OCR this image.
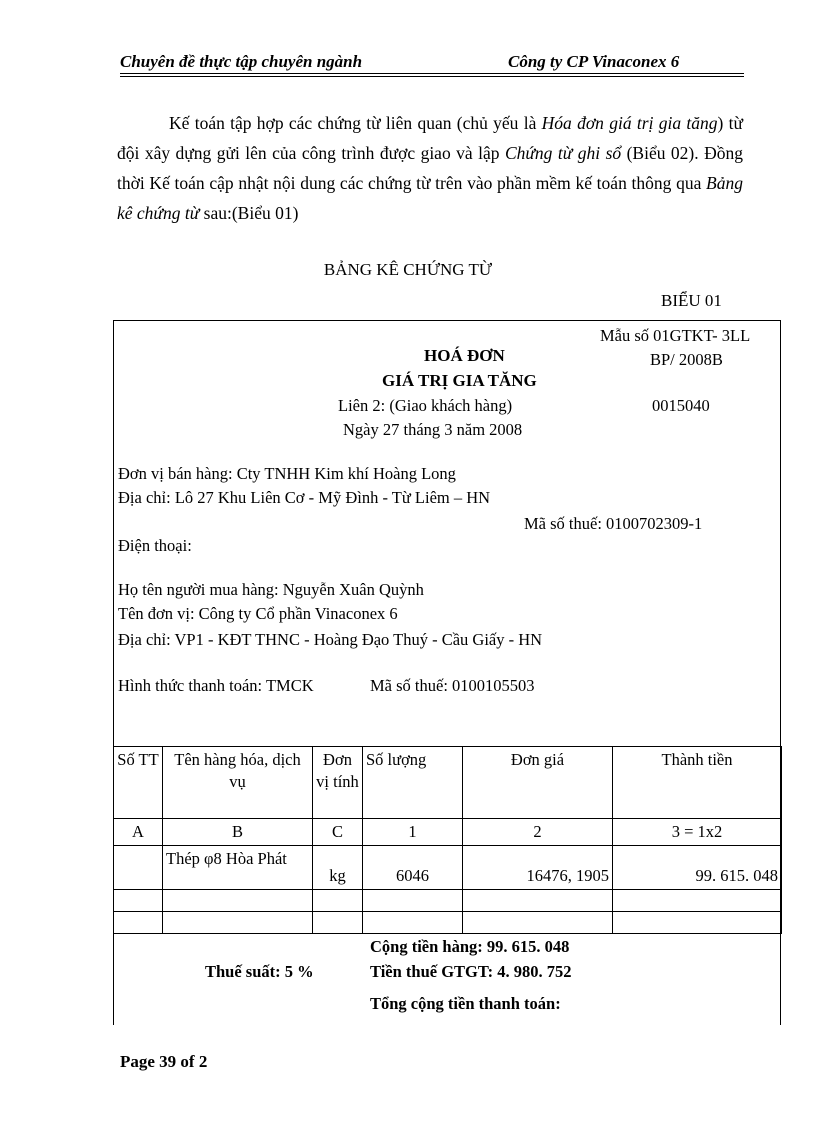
Chuyên đề thực tập chuyên ngành	Công ty CP Vinaconex 6

Kế toán tập hợp các chứng từ liên quan (chủ yếu là Hóa đơn giá trị gia tăng) từ đội xây dựng gửi lên của công trình được giao và lập Chứng từ ghi sổ (Biểu 02). Đồng thời Kế toán cập nhật nội dung các chứng từ trên vào phần mềm kế toán thông qua Bảng kê chứng từ sau:(Biểu 01)

BẢNG KÊ CHỨNG TỪ
BIỂU 01
Mẫu số 01GTKT- 3LL
BP/ 2008B
HOÁ ĐƠN
GIÁ TRỊ GIA TĂNG
Liên 2: (Giao khách hàng)	0015040
Ngày 27 tháng 3 năm 2008
Đơn vị bán hàng: Cty TNHH Kim khí Hoàng Long
Địa chỉ: Lô 27 Khu Liên Cơ - Mỹ Đình - Từ Liêm – HN
Mã số thuế: 0100702309-1
Điện thoại:
Họ tên người mua hàng: Nguyễn Xuân Quỳnh
Tên đơn vị: Công ty Cổ phần Vinaconex 6
Địa chỉ: VP1 - KĐT THNC - Hoàng Đạo Thuý - Cầu Giấy - HN
Hình thức thanh toán: TMCK	Mã số thuế: 0100105503
Số TT	Tên hàng hóa, dịch vụ	Đơn vị tính	Số lượng	Đơn giá	Thành tiền
A	B	C	1	2	3 = 1x2
	Thép φ8 Hòa Phát	kg	6046	16476, 1905	99. 615. 048

Cộng tiền hàng: 99. 615. 048
Thuế suất: 5 %	Tiền thuế GTGT: 4. 980. 752
Tổng cộng tiền thanh toán:
Page 39 of 2
